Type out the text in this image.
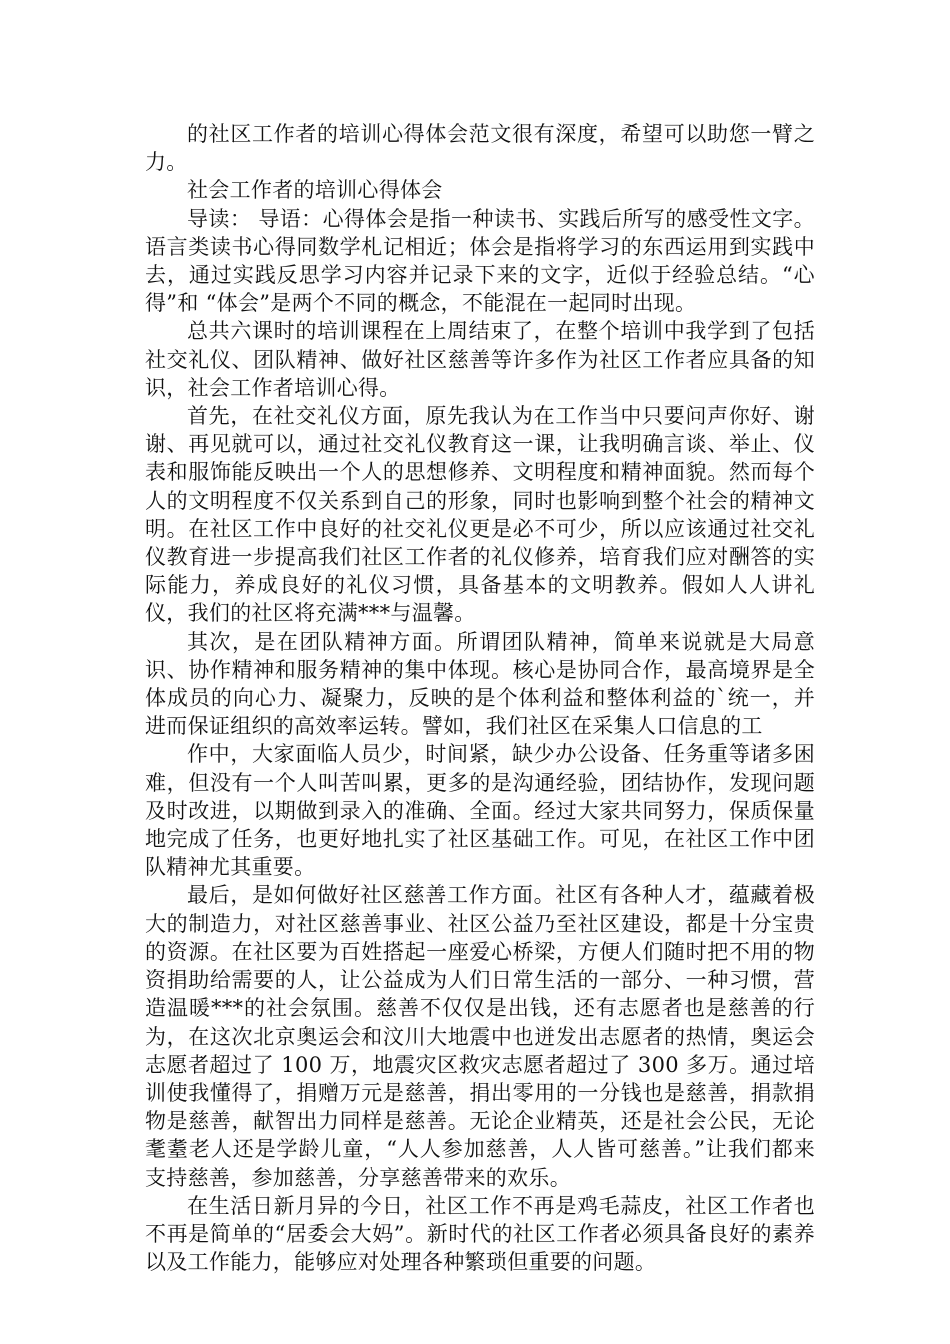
的社区工作者的培训心得体会范文很有深度，希望可以助您一臂之力。

社会工作者的培训心得体会

导读： 导语：心得体会是指一种读书、实践后所写的感受性文字。语言类读书心得同数学札记相近；体会是指将学习的东西运用到实践中去，通过实践反思学习内容并记录下来的文字，近似于经验总结。“心得”和 “体会”是两个不同的概念，不能混在一起同时出现。

总共六课时的培训课程在上周结束了，在整个培训中我学到了包括社交礼仪、团队精神、做好社区慈善等许多作为社区工作者应具备的知识，社会工作者培训心得。

首先，在社交礼仪方面，原先我认为在工作当中只要问声你好、谢谢、再见就可以，通过社交礼仪教育这一课，让我明确言谈、举止、仪表和服饰能反映出一个人的思想修养、文明程度和精神面貌。然而每个人的文明程度不仅关系到自己的形象，同时也影响到整个社会的精神文明。在社区工作中良好的社交礼仪更是必不可少，所以应该通过社交礼仪教育进一步提高我们社区工作者的礼仪修养，培育我们应对酬答的实际能力，养成良好的礼仪习惯，具备基本的文明教养。假如人人讲礼仪，我们的社区将充满***与温馨。

其次，是在团队精神方面。所谓团队精神，简单来说就是大局意识、协作精神和服务精神的集中体现。核心是协同合作，最高境界是全体成员的向心力、凝聚力，反映的是个体利益和整体利益的`统一，并进而保证组织的高效率运转。譬如，我们社区在采集人口信息的工

作中，大家面临人员少，时间紧，缺少办公设备、任务重等诸多困难，但没有一个人叫苦叫累，更多的是沟通经验，团结协作，发现问题及时改进，以期做到录入的准确、全面。经过大家共同努力，保质保量地完成了任务，也更好地扎实了社区基础工作。可见，在社区工作中团队精神尤其重要。

最后，是如何做好社区慈善工作方面。社区有各种人才，蕴藏着极大的制造力，对社区慈善事业、社区公益乃至社区建设，都是十分宝贵的资源。在社区要为百姓搭起一座爱心桥梁，方便人们随时把不用的物资捐助给需要的人，让公益成为人们日常生活的一部分、一种习惯，营造温暖***的社会氛围。慈善不仅仅是出钱，还有志愿者也是慈善的行为，在这次北京奥运会和汶川大地震中也迸发出志愿者的热情，奥运会志愿者超过了 100 万，地震灾区救灾志愿者超过了 300 多万。通过培训使我懂得了，捐赠万元是慈善，捐出零用的一分钱也是慈善，捐款捐物是慈善，献智出力同样是慈善。无论企业精英，还是社会公民，无论耄耋老人还是学龄儿童，“人人参加慈善，人人皆可慈善。”让我们都来支持慈善，参加慈善，分享慈善带来的欢乐。

在生活日新月异的今日，社区工作不再是鸡毛蒜皮，社区工作者也不再是简单的“居委会大妈”。新时代的社区工作者必须具备良好的素养以及工作能力，能够应对处理各种繁琐但重要的问题。
